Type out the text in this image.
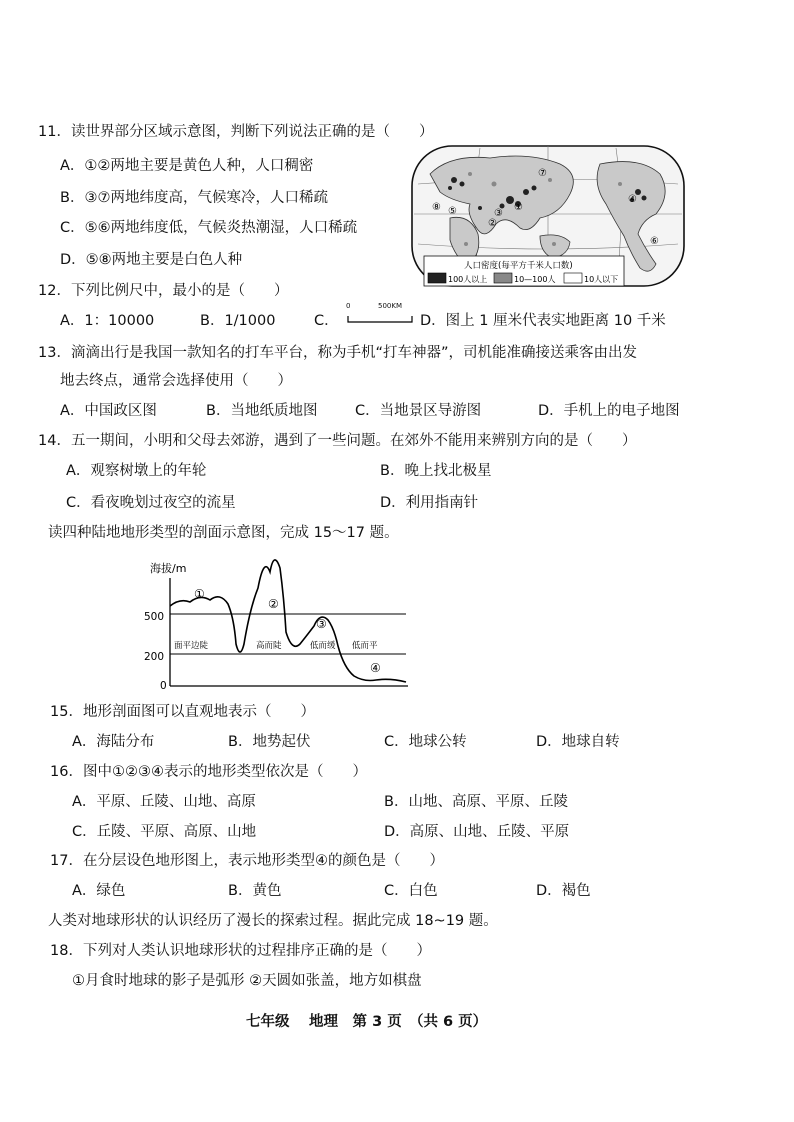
11．读世界部分区域示意图，判断下列说法正确的是（　　）
A．①②两地主要是黄色人种，人口稠密
B．③⑦两地纬度高，气候寒冷，人口稀疏
C．⑤⑥两地纬度低，气候炎热潮湿，人口稀疏
D．⑤⑧两地主要是白色人种
⑦
①
②
③
④
⑤
⑥
⑧
人口密度(每平方千米人口数)
100人以上	10—100人	10人以下
12．下列比例尺中，最小的是（　　）
A．1：10000	B．1/1000	C．
0	500KM
D．图上 1 厘米代表实地距离 10 千米
13．滴滴出行是我国一款知名的打车平台，称为手机“打车神器”，司机能准确接送乘客由出发
地去终点，通常会选择使用（　　）
A．中国政区图	B．当地纸质地图	C．当地景区导游图	D．手机上的电子地图
14．五一期间，小明和父母去郊游，遇到了一些问题。在郊外不能用来辨别方向的是（　　）
A．观察树墩上的年轮	B．晚上找北极星
C．看夜晚划过夜空的流星	D．利用指南针
读四种陆地地形类型的剖面示意图，完成 15～17 题。
海拔/m
500
200
0
①
②
③
④
面平边陡	高而陡	低而缓 低而平
15．地形剖面图可以直观地表示（　　）
A．海陆分布	B．地势起伏	C．地球公转	D．地球自转
16．图中①②③④表示的地形类型依次是（　　）
A．平原、丘陵、山地、高原	B．山地、高原、平原、丘陵
C．丘陵、平原、高原、山地	D．高原、山地、丘陵、平原
17．在分层设色地形图上，表示地形类型④的颜色是（　　）
A．绿色	B．黄色	C．白色	D．褐色
人类对地球形状的认识经历了漫长的探索过程。据此完成 18~19 题。
18．下列对人类认识地球形状的过程排序正确的是（　　）
①月食时地球的影子是弧形 ②天圆如张盖，地方如棋盘
七年级　 地理　第 3 页　（共 6 页）
